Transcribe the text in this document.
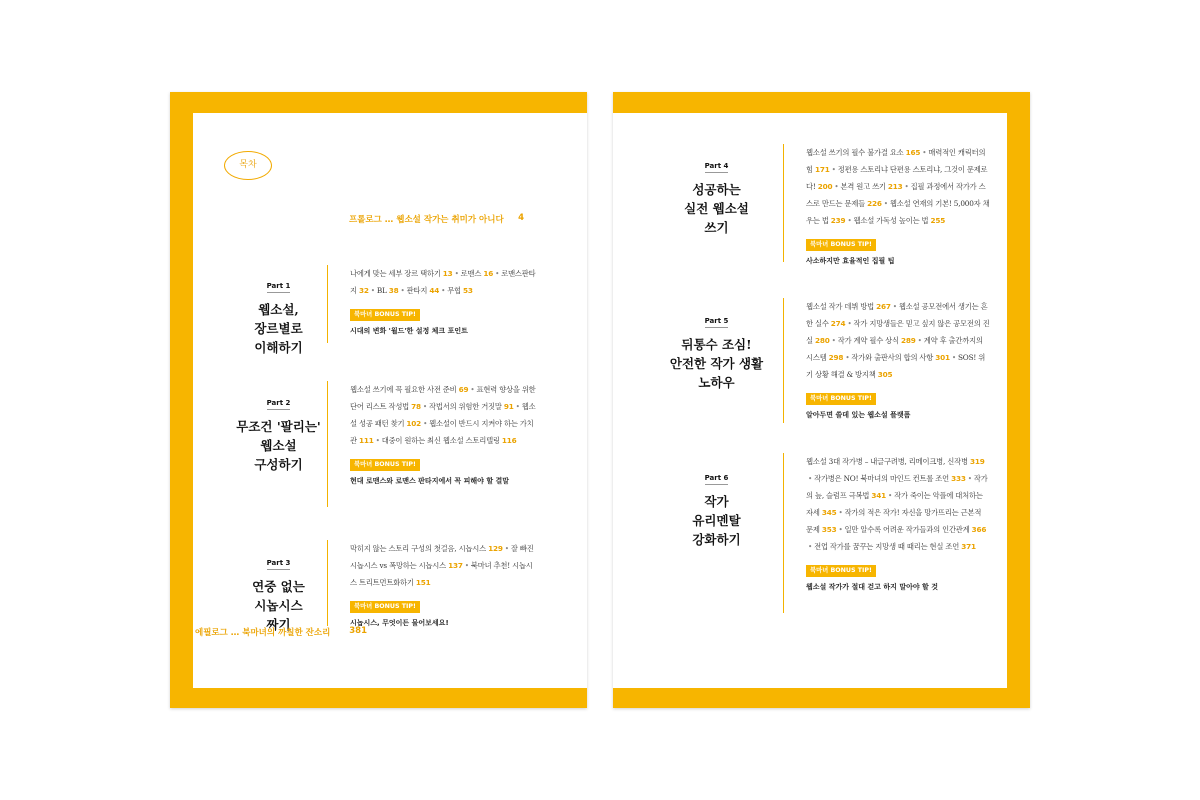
목차
프롤로그 … 웹소설 작가는 취미가 아니다 4
Part 1
웹소설,
장르별로
이해하기
나에게 맞는 세부 장르 택하기 13 • 로맨스 16 • 로맨스판타지 32 • BL 38 • 판타지 44 • 무협 53
북마녀 BONUS TIP!
시대의 변화 '월드'한 설정 체크 포인트
Part 2
무조건 '팔리는'
웹소설
구성하기
웹소설 쓰기에 꼭 필요한 사전 준비 69 • 표현력 향상을 위한 단어 리스트 작성법 78 • 작법서의 위험한 거짓말 91 • 웹소설 성공 패턴 찾기 102 • 웹소설이 반드시 지켜야 하는 가치관 111 • 대중이 원하는 최신 웹소설 스토리텔링 116
북마녀 BONUS TIP!
현대 로맨스와 로맨스 판타지에서 꼭 피해야 할 결말
Part 3
연중 없는
시놉시스
짜기
막히지 않는 스토리 구성의 첫걸음, 시놉시스 129 • 잘 빠진 시놉시스 vs 폭망하는 시놉시스 137 • 북마녀 추천! 시놉시스 트리트먼트화하기 151
북마녀 BONUS TIP!
시놉시스, 무엇이든 물어보세요!
Part 4
성공하는
실전 웹소설
쓰기
웹소설 쓰기의 필수 불가결 요소 165 • 매력적인 캐릭터의 힘 171 • 정편용 스토리냐 단편용 스토리냐, 그것이 문제로다! 200 • 본격 원고 쓰기 213 • 집필 과정에서 작가가 스스로 만드는 문제들 226 • 웹소설 연재의 기본! 5,000자 채우는 법 239 • 웹소설 가독성 높이는 법 255
북마녀 BONUS TIP!
사소하지만 효율적인 집필 팁
Part 5
뒤통수 조심!
안전한 작가 생활
노하우
웹소설 작가 데뷔 방법 267 • 웹소설 공모전에서 생기는 흔한 실수 274 • 작가 지망생들은 믿고 싶지 않은 공모전의 진실 280 • 작가 계약 필수 상식 289 • 계약 후 출간까지의 시스템 298 • 작가와 출판사의 합의 사항 301 • SOS! 위기 상황 해결 & 방지책 305
북마녀 BONUS TIP!
알아두면 쓸데 있는 웹소설 플랫폼
Part 6
작가
유리멘탈
강화하기
웹소설 3대 작가병 – 내글구려병, 리메이크병, 신작병 319• 작가병은 NO! 북마녀의 마인드 컨트롤 조언 333 • 작가의 늪, 슬럼프 극복법 341 • 작가 죽이는 악플에 대처하는 자세 345 • 작가의 적은 작가! 자신을 망가뜨리는 근본적 문제 353 • 일만 알수록 어려운 작가들과의 인간관계 366• 전업 작가를 꿈꾸는 지망생 때 때리는 현실 조언 371
북마녀 BONUS TIP!
웹소설 작가가 절대 걷고 하지 말아야 할 것
에필로그 … 북마녀의 까칠한 잔소리 381
